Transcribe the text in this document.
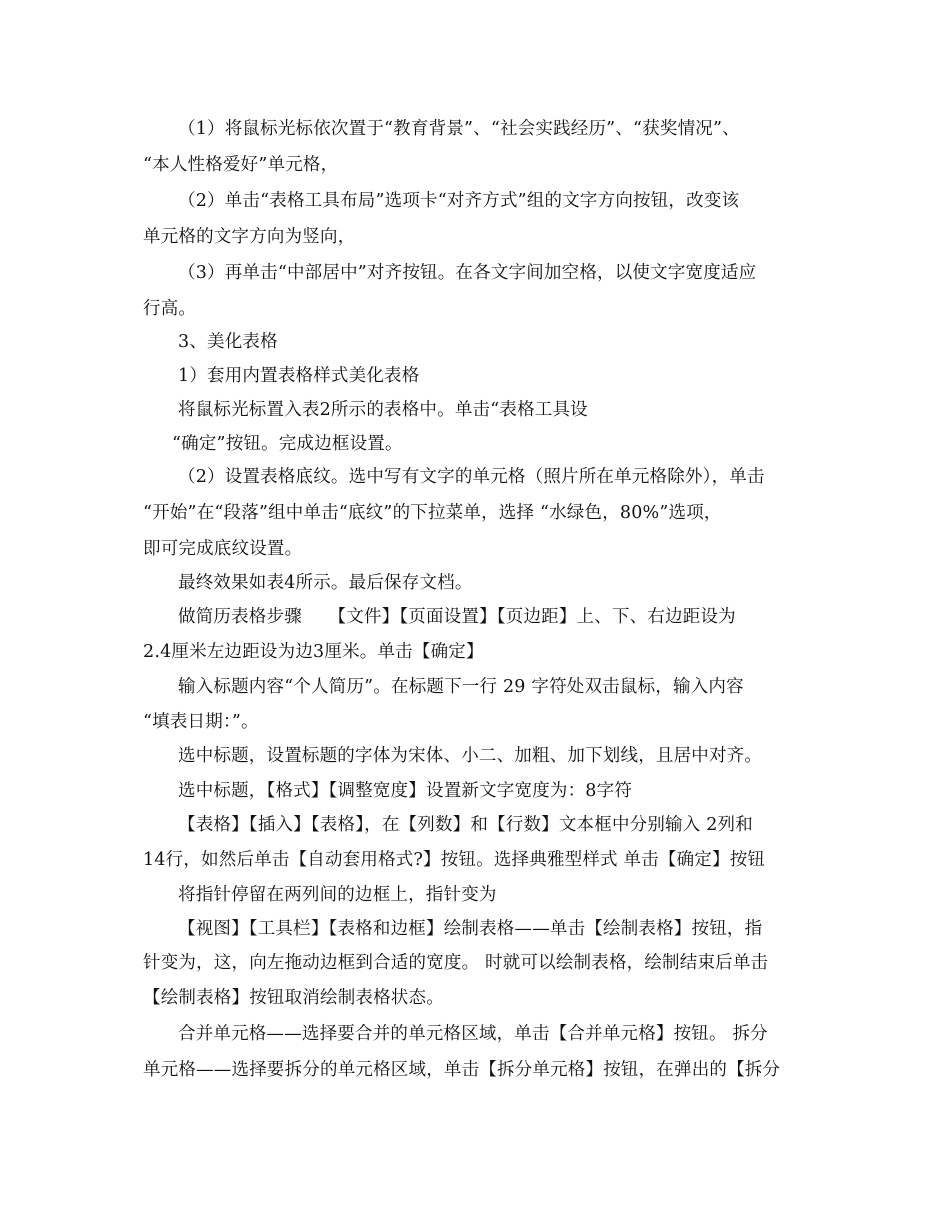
（1）将鼠标光标依次置于“教育背景”、“社会实践经历”、“获奖情况”、
“本人性格爱好”单元格，
（2）单击“表格工具布局”选项卡“对齐方式”组的文字方向按钮，改变该
单元格的文字方向为竖向，
（3）再单击“中部居中”对齐按钮。在各文字间加空格，以使文字宽度适应
行高。
3、美化表格
1）套用内置表格样式美化表格
将鼠标光标置入表2所示的表格中。单击“表格工具设
“确定”按钮。完成边框设置。
（2）设置表格底纹。选中写有文字的单元格（照片所在单元格除外），单击
“开始”在“段落”组中单击“底纹”的下拉菜单，选择 “水绿色，80%”选项，
即可完成底纹设置。
最终效果如表4所示。最后保存文档。
做简历表格步骤　　【文件】【页面设置】【页边距】上、下、右边距设为
2.4厘米左边距设为边3厘米。单击【确定】
输入标题内容“个人简历”。在标题下一行 29 字符处双击鼠标，输入内容
“填表日期：”。
选中标题，设置标题的字体为宋体、小二、加粗、加下划线，且居中对齐。
选中标题，【格式】【调整宽度】设置新文字宽度为：8字符
【表格】【插入】【表格】，在【列数】和【行数】文本框中分别输入 2列和
14行，如然后单击【自动套用格式?】按钮。选择典雅型样式 单击【确定】按钮
将指针停留在两列间的边框上，指针变为
【视图】【工具栏】【表格和边框】绘制表格——单击【绘制表格】按钮，指
针变为，这，向左拖动边框到合适的宽度。 时就可以绘制表格，绘制结束后单击
【绘制表格】按钮取消绘制表格状态。
合并单元格——选择要合并的单元格区域，单击【合并单元格】按钮。 拆分
单元格——选择要拆分的单元格区域，单击【拆分单元格】按钮，在弹出的【拆分
